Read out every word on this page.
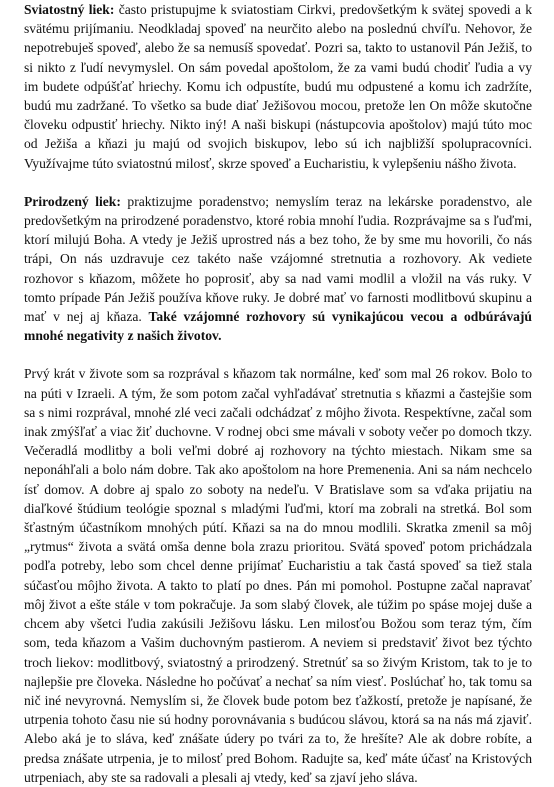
Sviatostný liek: často pristupujme k sviatostiam Cirkvi, predovšetkým k svätej spovedi a k svätému prijímaniu. Neodkladaj spoveď na neurčito alebo na poslednú chvíľu. Nehovor, že nepotrebuješ spoveď, alebo že sa nemusíš spovedať. Pozri sa, takto to ustanovil Pán Ježiš, to si nikto z ľudí nevymyslel. On sám povedal apoštolom, že za vami budú chodiť ľudia a vy im budete odpúšťať hriechy. Komu ich odpustíte, budú mu odpustené a komu ich zadržíte, budú mu zadržané. To všetko sa bude diať Ježišovou mocou, pretože len On môže skutočne človeku odpustiť hriechy. Nikto iný! A naši biskupi (nástupcovia apoštolov) majú túto moc od Ježiša a kňazi ju majú od svojich biskupov, lebo sú ich najbližší spolupracovníci. Využívajme túto sviatostnú milosť, skrze spoveď a Eucharistiu, k vylepšeniu nášho života.

Prirodzený liek: praktizujme poradenstvo; nemyslím teraz na lekárske poradenstvo, ale predovšetkým na prirodzené poradenstvo, ktoré robia mnohí ľudia. Rozprávajme sa s ľuďmi, ktorí milujú Boha. A vtedy je Ježiš uprostred nás a bez toho, že by sme mu hovorili, čo nás trápi, On nás uzdravuje cez takéto naše vzájomné stretnutia a rozhovory. Ak vediete rozhovor s kňazom, môžete ho poprosiť, aby sa nad vami modlil a vložil na vás ruky. V tomto prípade Pán Ježiš používa kňove ruky. Je dobré mať vo farnosti modlitbovú skupinu a mať v nej aj kňaza. Také vzájomné rozhovory sú vynikajúcou vecou a odbúrávajú mnohé negativity z našich životov.

Prvý krát v živote som sa rozprával s kňazom tak normálne, keď som mal 26 rokov. Bolo to na púti v Izraeli. A tým, že som potom začal vyhľadávať stretnutia s kňazmi a častejšie som sa s nimi rozprával, mnohé zlé veci začali odchádzať z môjho života. Respektívne, začal som inak zmýšľať a viac žiť duchovne. V rodnej obci sme mávali v soboty večer po domoch tkzy. Večeradlá modlitby a boli veľmi dobré aj rozhovory na týchto miestach. Nikam sme sa neponáhľali a bolo nám dobre. Tak ako apoštolom na hore Premenenia. Ani sa nám nechcelo ísť domov. A dobre aj spalo zo soboty na nedeľu. V Bratislave som sa vďaka prijatiu na diaľkové štúdium teológie spoznal s mladými ľuďmi, ktorí ma zobrali na stretká. Bol som šťastným účastníkom mnohých pútí. Kňazi sa na do mnou modlili. Skratka zmenil sa môj „rytmus“ života a svätá omša denne bola zrazu prioritou. Svätá spoveď potom prichádzala podľa potreby, lebo som chcel denne prijímať Eucharistiu a tak častá spoveď sa tiež stala súčasťou môjho života. A takto to platí po dnes. Pán mi pomohol. Postupne začal napravať môj život a ešte stále v tom pokračuje. Ja som slabý človek, ale túžim po spáse mojej duše a chcem aby všetci ľudia zakúsili Ježišovu lásku. Len milosťou Božou som teraz tým, čím som, teda kňazom a Vašim duchovným pastierom. A neviem si predstaviť život bez týchto troch liekov: modlitbový, sviatostný a prirodzený. Stretnúť sa so živým Kristom, tak to je to najlepšie pre človeka. Následne ho počúvať a nechať sa ním viesť. Poslúchať ho, tak tomu sa nič iné nevyrovná. Nemyslím si, že človek bude potom bez ťažkostí, pretože je napísané, že utrpenia tohoto času nie sú hodny porovnávania s budúcou slávou, ktorá sa na nás má zjaviť. Alebo aká je to sláva, keď znášate údery po tvári za to, že hrešíte? Ale ak dobre robíte, a predsa znášate utrpenia, je to milosť pred Bohom. Radujte sa, keď máte účasť na Kristových utrpeniach, aby ste sa radovali a plesali aj vtedy, keď sa zjaví jeho sláva.
